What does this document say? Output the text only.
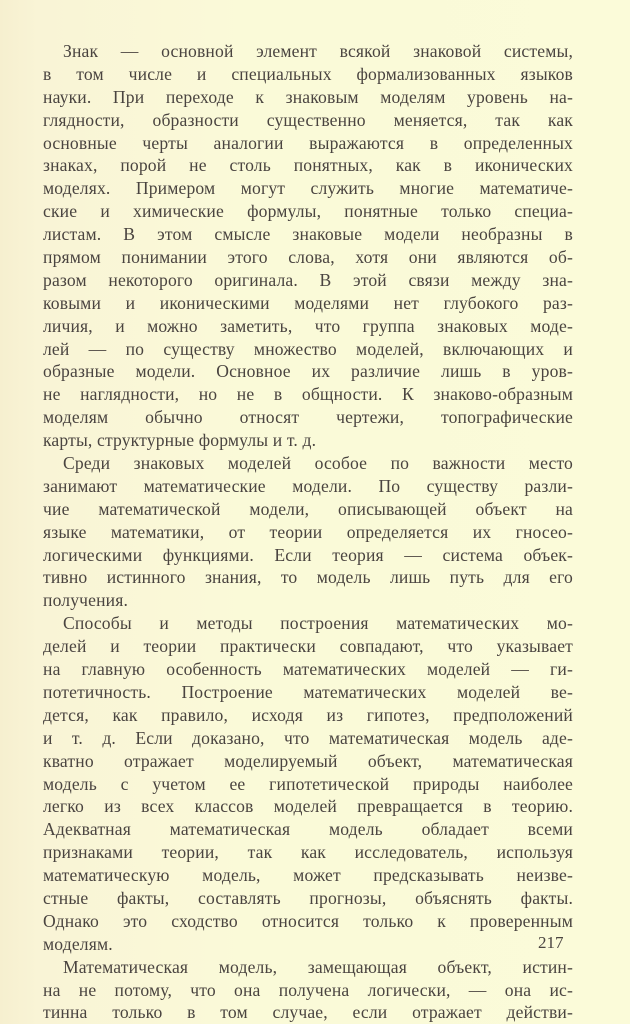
Знак — основной элемент всякой знаковой системы,
в том числе и специальных формализованных языков
науки. При переходе к знаковым моделям уровень на-
глядности, образности существенно меняется, так как
основные черты аналогии выражаются в определенных
знаках, порой не столь понятных, как в иконических
моделях. Примером могут служить многие математиче-
ские и химические формулы, понятные только специа-
листам. В этом смысле знаковые модели необразны в
прямом понимании этого слова, хотя они являются об-
разом некоторого оригинала. В этой связи между зна-
ковыми и иконическими моделями нет глубокого раз-
личия, и можно заметить, что группа знаковых моде-
лей — по существу множество моделей, включающих и
образные модели. Основное их различие лишь в уров-
не наглядности, но не в общности. К знаково-образным
моделям обычно относят чертежи, топографические
карты, структурные формулы и т. д.
Среди знаковых моделей особое по важности место
занимают математические модели. По существу разли-
чие математической модели, описывающей объект на
языке математики, от теории определяется их гносео-
логическими функциями. Если теория — система объек-
тивно истинного знания, то модель лишь путь для его
получения.
Способы и методы построения математических мо-
делей и теории практически совпадают, что указывает
на главную особенность математических моделей — ги-
потетичность. Построение математических моделей ве-
дется, как правило, исходя из гипотез, предположений
и т. д. Если доказано, что математическая модель аде-
кватно отражает моделируемый объект, математическая
модель с учетом ее гипотетической природы наиболее
легко из всех классов моделей превращается в теорию.
Адекватная математическая модель обладает всеми
признаками теории, так как исследователь, используя
математическую модель, может предсказывать неизве-
стные факты, составлять прогнозы, объяснять факты.
Однако это сходство относится только к проверенным
моделям.
Математическая модель, замещающая объект, истин-
на не потому, что она получена логически, — она ис-
тинна только в том случае, если отражает действи-
217
